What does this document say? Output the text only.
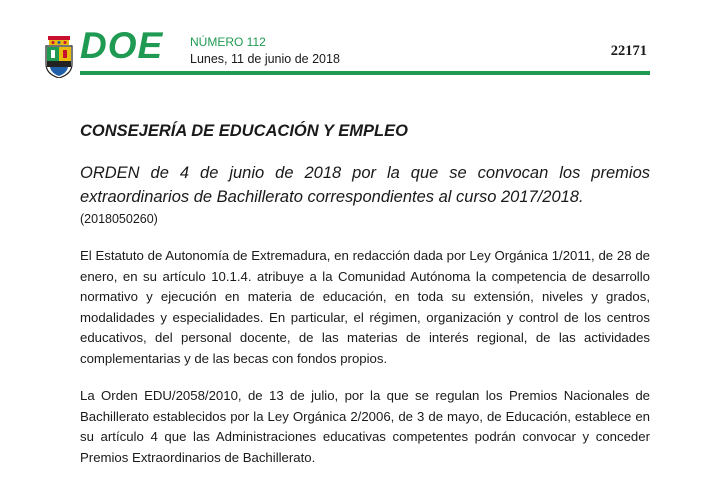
DOE NÚMERO 112
Lunes, 11 de junio de 2018	22171
CONSEJERÍA DE EDUCACIÓN Y EMPLEO
ORDEN de 4 de junio de 2018 por la que se convocan los premios extraordinarios de Bachillerato correspondientes al curso 2017/2018.
(2018050260)

El Estatuto de Autonomía de Extremadura, en redacción dada por Ley Orgánica 1/2011, de 28 de enero, en su artículo 10.1.4. atribuye a la Comunidad Autónoma la competencia de desarrollo normativo y ejecución en materia de educación, en toda su extensión, niveles y grados, modalidades y especialidades. En particular, el régimen, organización y control de los centros educativos, del personal docente, de las materias de interés regional, de las actividades complementarias y de las becas con fondos propios.

La Orden EDU/2058/2010, de 13 de julio, por la que se regulan los Premios Nacionales de Bachillerato establecidos por la Ley Orgánica 2/2006, de 3 de mayo, de Educación, establece en su artículo 4 que las Administraciones educativas competentes podrán convocar y conceder Premios Extraordinarios de Bachillerato.
